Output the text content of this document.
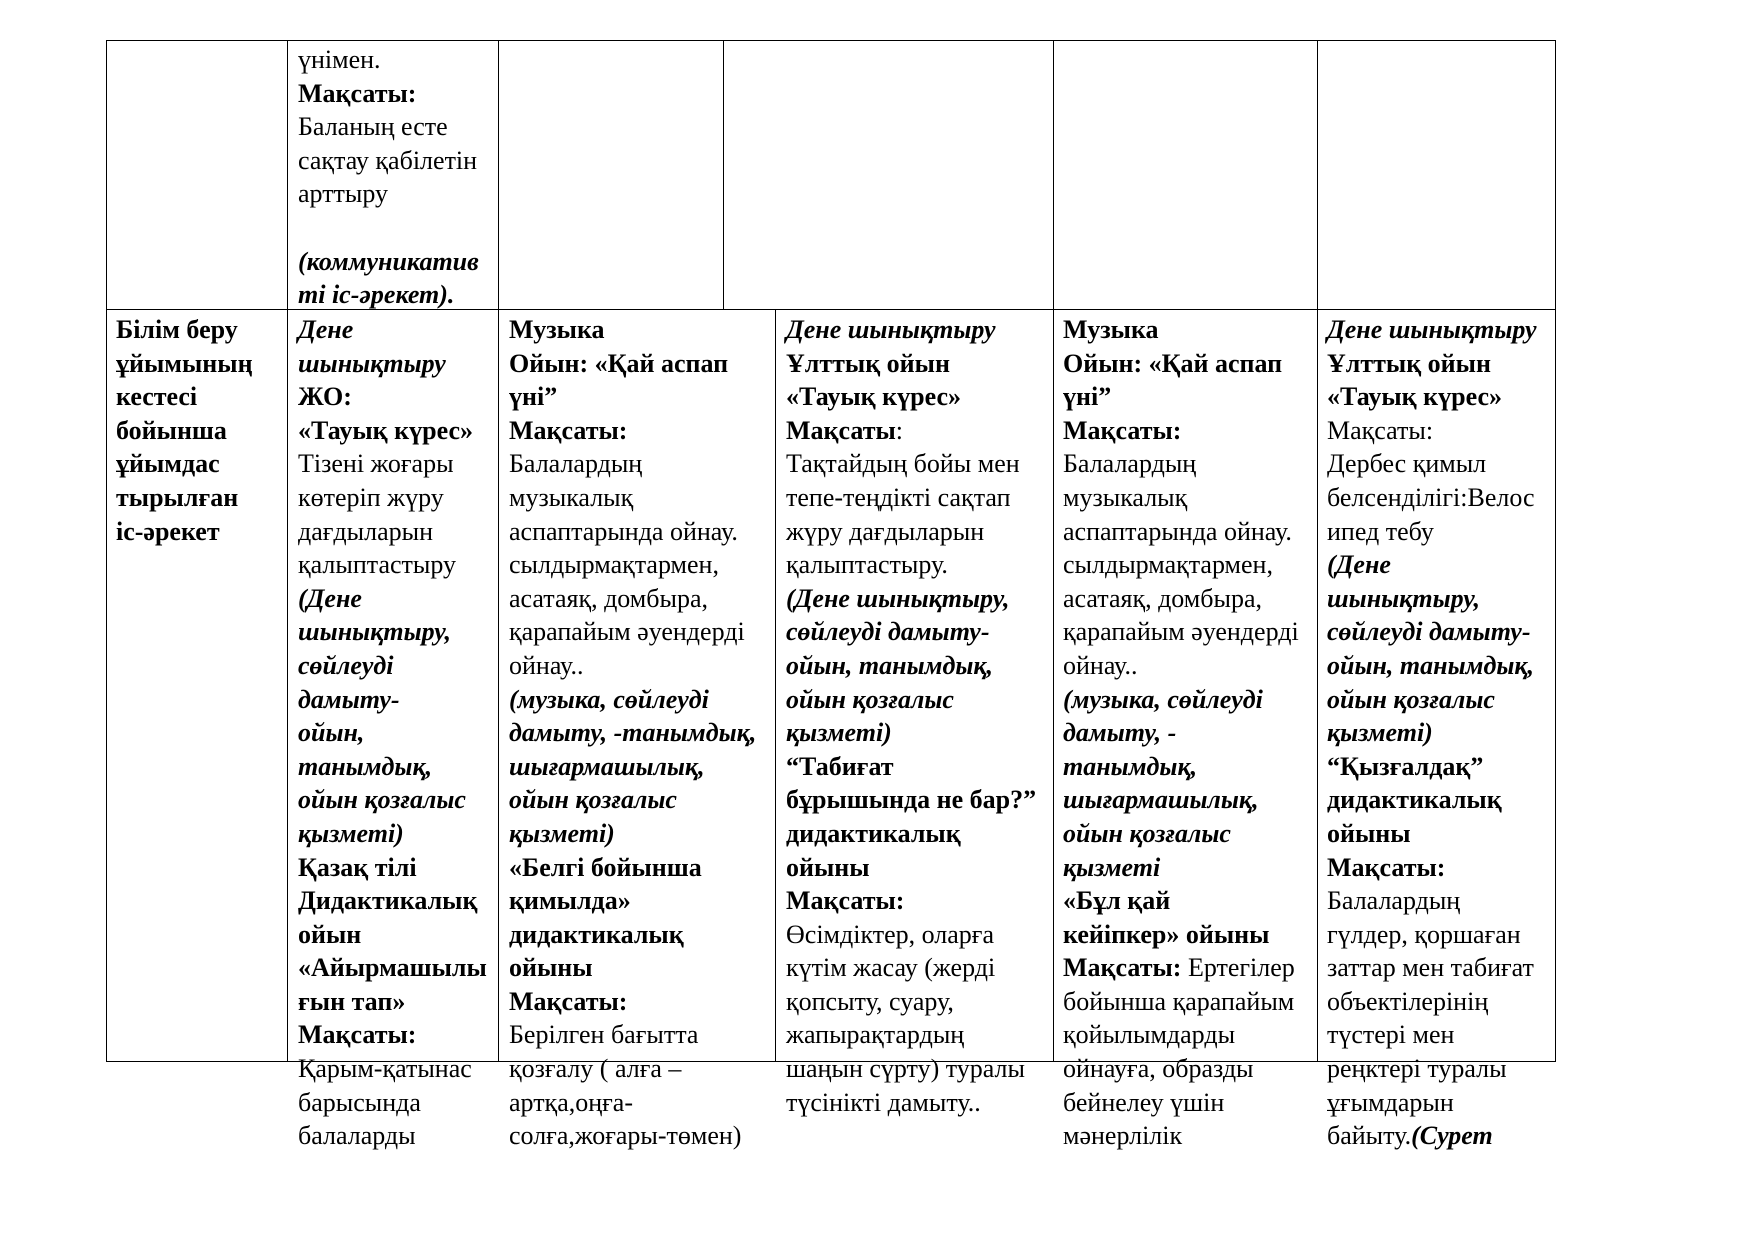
үнімен.
Мақсаты:
Баланың есте
сақтау қабілетін
арттыру

(коммуникатив
ті іс-әрекет).
Білім беру
ұйымының
кестесі
бойынша
ұйымдас
тырылған
іс-әрекет
Дене
шынықтыру
ЖО:
«Тауық күрес»
Тізені жоғары
көтеріп жүру
дағдыларын
қалыптастыру
(Дене
шынықтыру,
сөйлеуді
дамыту-
ойын,
танымдық,
ойын қозғалыс
қызметі)
Қазақ тілі
Дидактикалық
ойын
«Айырмашылы
ғын тап»
Мақсаты:
Қарым-қатынас
барысында
балаларды
Музыка
Ойын: «Қай аспап
үні”
Мақсаты:
Балалардың
музыкалық
аспаптарында ойнау.
сылдырмақтармен,
асатаяқ, домбыра,
қарапайым әуендерді
ойнау..
(музыка, сөйлеуді
дамыту, -танымдық,
шығармашылық,
ойын қозғалыс
қызметі)
«Белгі бойынша
қимылда»
дидактикалық
ойыны
Мақсаты:
Берілген бағытта
қозғалу ( алға –
артқа,оңға-
солға,жоғары-төмен)
Дене шынықтыру
Ұлттық ойын
«Тауық күрес»
Мақсаты:
Тақтайдың бойы мен
тепе-теңдікті сақтап
жүру дағдыларын
қалыптастыру.
(Дене шынықтыру,
сөйлеуді дамыту-
ойын, танымдық,
ойын қозғалыс
қызметі)
“Табиғат
бұрышында не бар?”
дидактикалық
ойыны
Мақсаты:
Өсімдіктер, оларға
күтім жасау (жерді
қопсыту, суару,
жапырақтардың
шаңын сүрту) туралы
түсінікті дамыту..
Музыка
Ойын: «Қай аспап
үні”
Мақсаты:
Балалардың
музыкалық
аспаптарында ойнау.
сылдырмақтармен,
асатаяқ, домбыра,
қарапайым әуендерді
ойнау..
(музыка, сөйлеуді
дамыту, -
танымдық,
шығармашылық,
ойын қозғалыс
қызметі
«Бұл қай
кейіпкер» ойыны
Мақсаты: Ертегілер
бойынша қарапайым
қойылымдарды
ойнауға, образды
бейнелеу үшін
мәнерлілік
Дене шынықтыру
Ұлттық ойын
«Тауық күрес»
Мақсаты:
Дербес қимыл
белсенділігі:Велос
ипед тебу
(Дене
шынықтыру,
сөйлеуді дамыту-
ойын, танымдық,
ойын қозғалыс
қызметі)
“Қызғалдақ”
дидактикалық
ойыны
Мақсаты:
Балалардың
гүлдер, қоршаған
заттар мен табиғат
объектілерінің
түстері мен
реңктері туралы
ұғымдарын
байыту.(Сурет
